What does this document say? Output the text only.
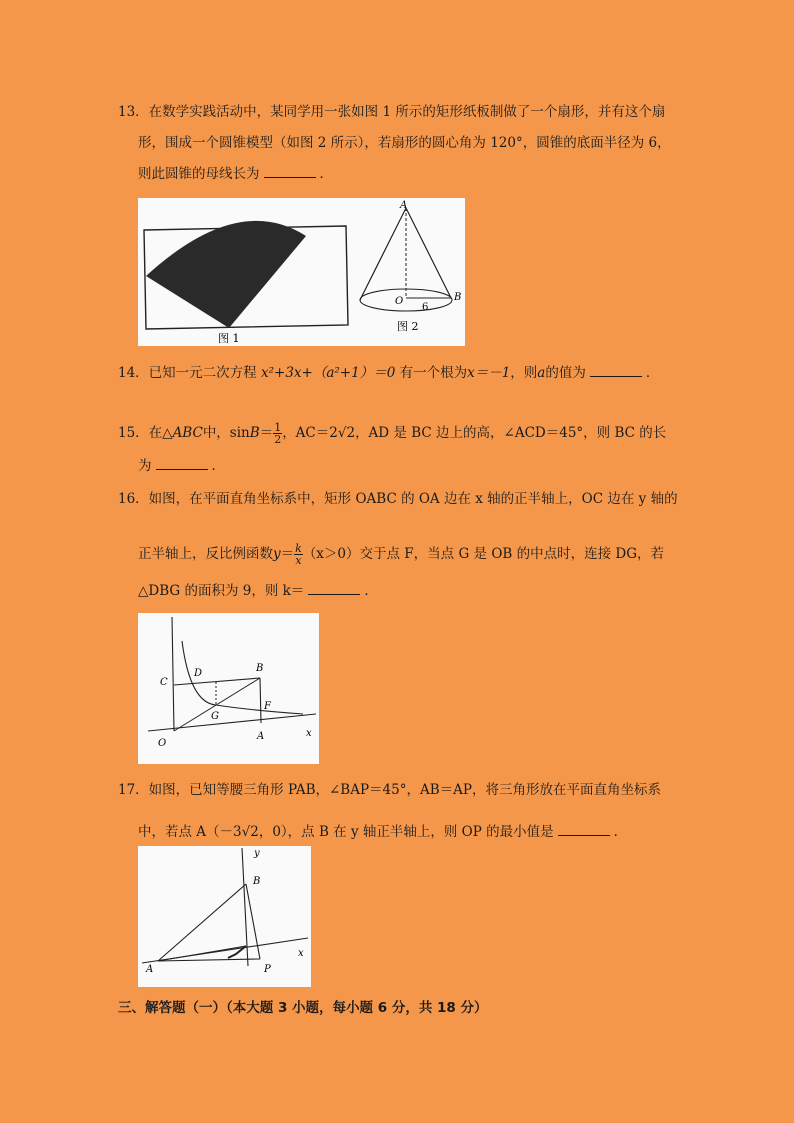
13．在数学实践活动中，某同学用一张如图 1 所示的矩形纸板制做了一个扇形，并有这个扇
形，围成一个圆锥模型（如图 2 所示），若扇形的圆心角为 120°，圆锥的底面半径为 6，
则此圆锥的母线长为	．
图 1
A
O	B
6
图 2
14．已知一元二次方程 x²+3x+（a²+1）＝0 有一个根为x＝－1，则a的值为	．
15．在△ABC中，$\sin B= \frac{1}{2}$ ，AC＝2√2，AD 是 BC 边上的高，∠ACD＝45°，则 BC 的长
为	．
16．如图，在平面直角坐标系中，矩形 OABC 的 OA 边在 x 轴的正半轴上，OC 边在 y 轴的
正半轴上，反比例函数$y= \frac{k}{x} (x>0)$交于点 F，当点 G 是 OB 的中点时，连接 DG，若
△DBG 的面积为 9，则 k＝	．
C
D	B
G
F
O
A	x
17．如图，已知等腰三角形 PAB，∠BAP＝45°，AB＝AP，将三角形放在平面直角坐标系
中，若点 A（－3√2，0），点 B 在 y 轴正半轴上，则 OP 的最小值是	．
y
B
A	P
x
三、解答题（一）（本大题 3 小题，每小题 6 分，共 18 分）
